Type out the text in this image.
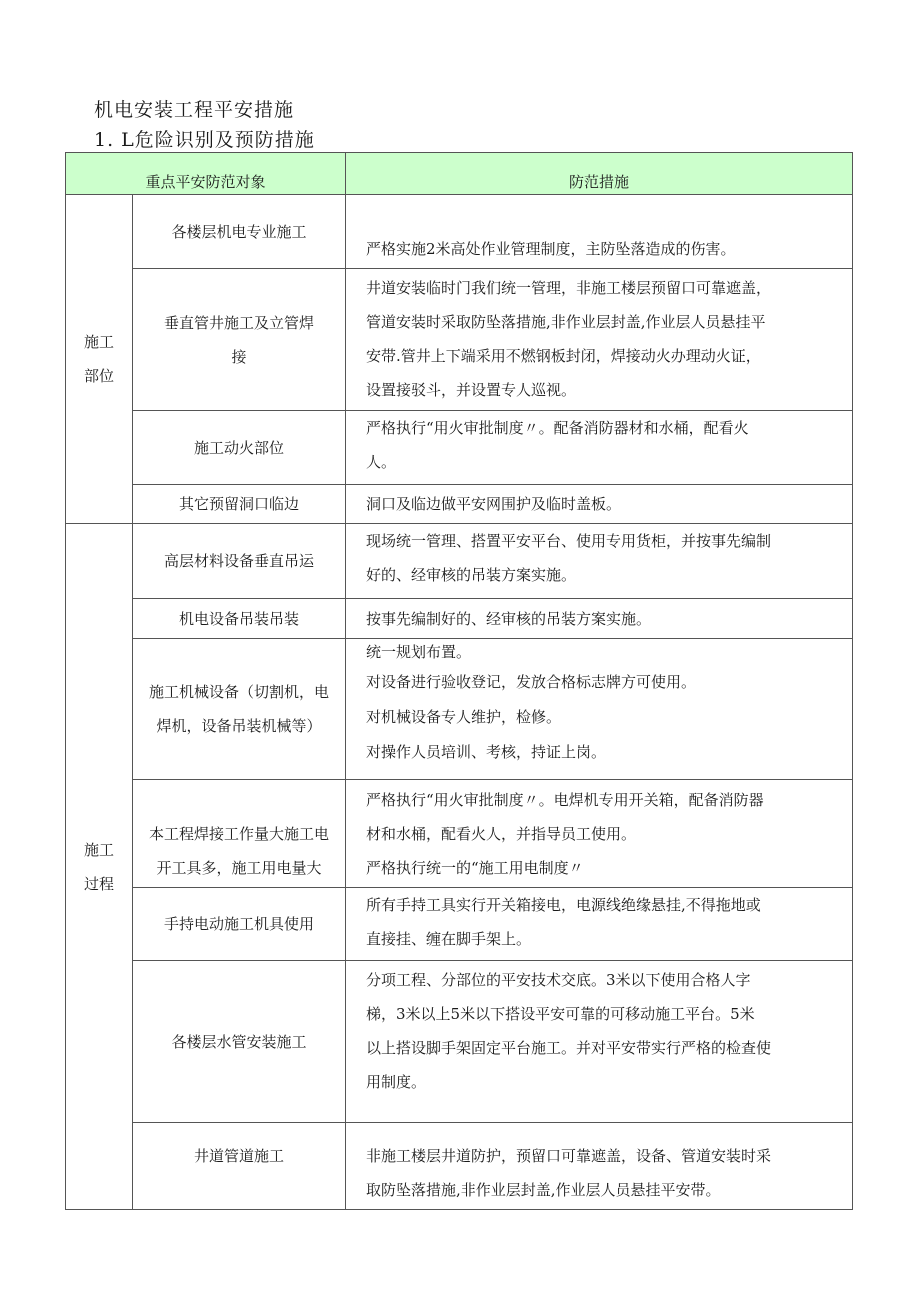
机电安装工程平安措施
1. L危险识别及预防措施
重点平安防范对象		防范措施

施工
部位	各楼层机电专业施工	严格实施2米高处作业管理制度，主防坠落造成的伤害。

	垂直管井施工及立管焊
接	井道安装临时门我们统一管理，非施工楼层预留口可靠遮盖，
管道安装时采取防坠落措施,非作业层封盖,作业层人员悬挂平
安带.管井上下端采用不燃钢板封闭，焊接动火办理动火证，
设置接驳斗，并设置专人巡视。

	施工动火部位	严格执行“用火审批制度〃。配备消防器材和水桶，配看火
人。

	其它预留洞口临边	洞口及临边做平安网围护及临时盖板。

施工
过程	高层材料设备垂直吊运	现场统一管理、搭置平安平台、使用专用货柜，并按事先编制
好的、经审核的吊装方案实施。

	机电设备吊装吊装	按事先编制好的、经审核的吊装方案实施。

	施工机械设备（切割机，电
焊机，设备吊装机械等）	统一规划布置。
对设备进行验收登记，发放合格标志牌方可使用。
对机械设备专人维护，检修。
对操作人员培训、考核，持证上岗。

	本工程焊接工作量大施工电
开工具多，施工用电量大	严格执行“用火审批制度〃。电焊机专用开关箱，配备消防器
材和水桶，配看火人，并指导员工使用。
严格执行统一的“施工用电制度〃

	手持电动施工机具使用	所有手持工具实行开关箱接电，电源线绝缘悬挂,不得拖地或
直接挂、缠在脚手架上。

	各楼层水管安装施工	分项工程、分部位的平安技术交底。3米以下使用合格人字
梯，3米以上5米以下搭设平安可靠的可移动施工平台。5米
以上搭设脚手架固定平台施工。并对平安带实行严格的检查使
用制度。

	井道管道施工	非施工楼层井道防护，预留口可靠遮盖，设备、管道安装时采
取防坠落措施,非作业层封盖,作业层人员悬挂平安带。
